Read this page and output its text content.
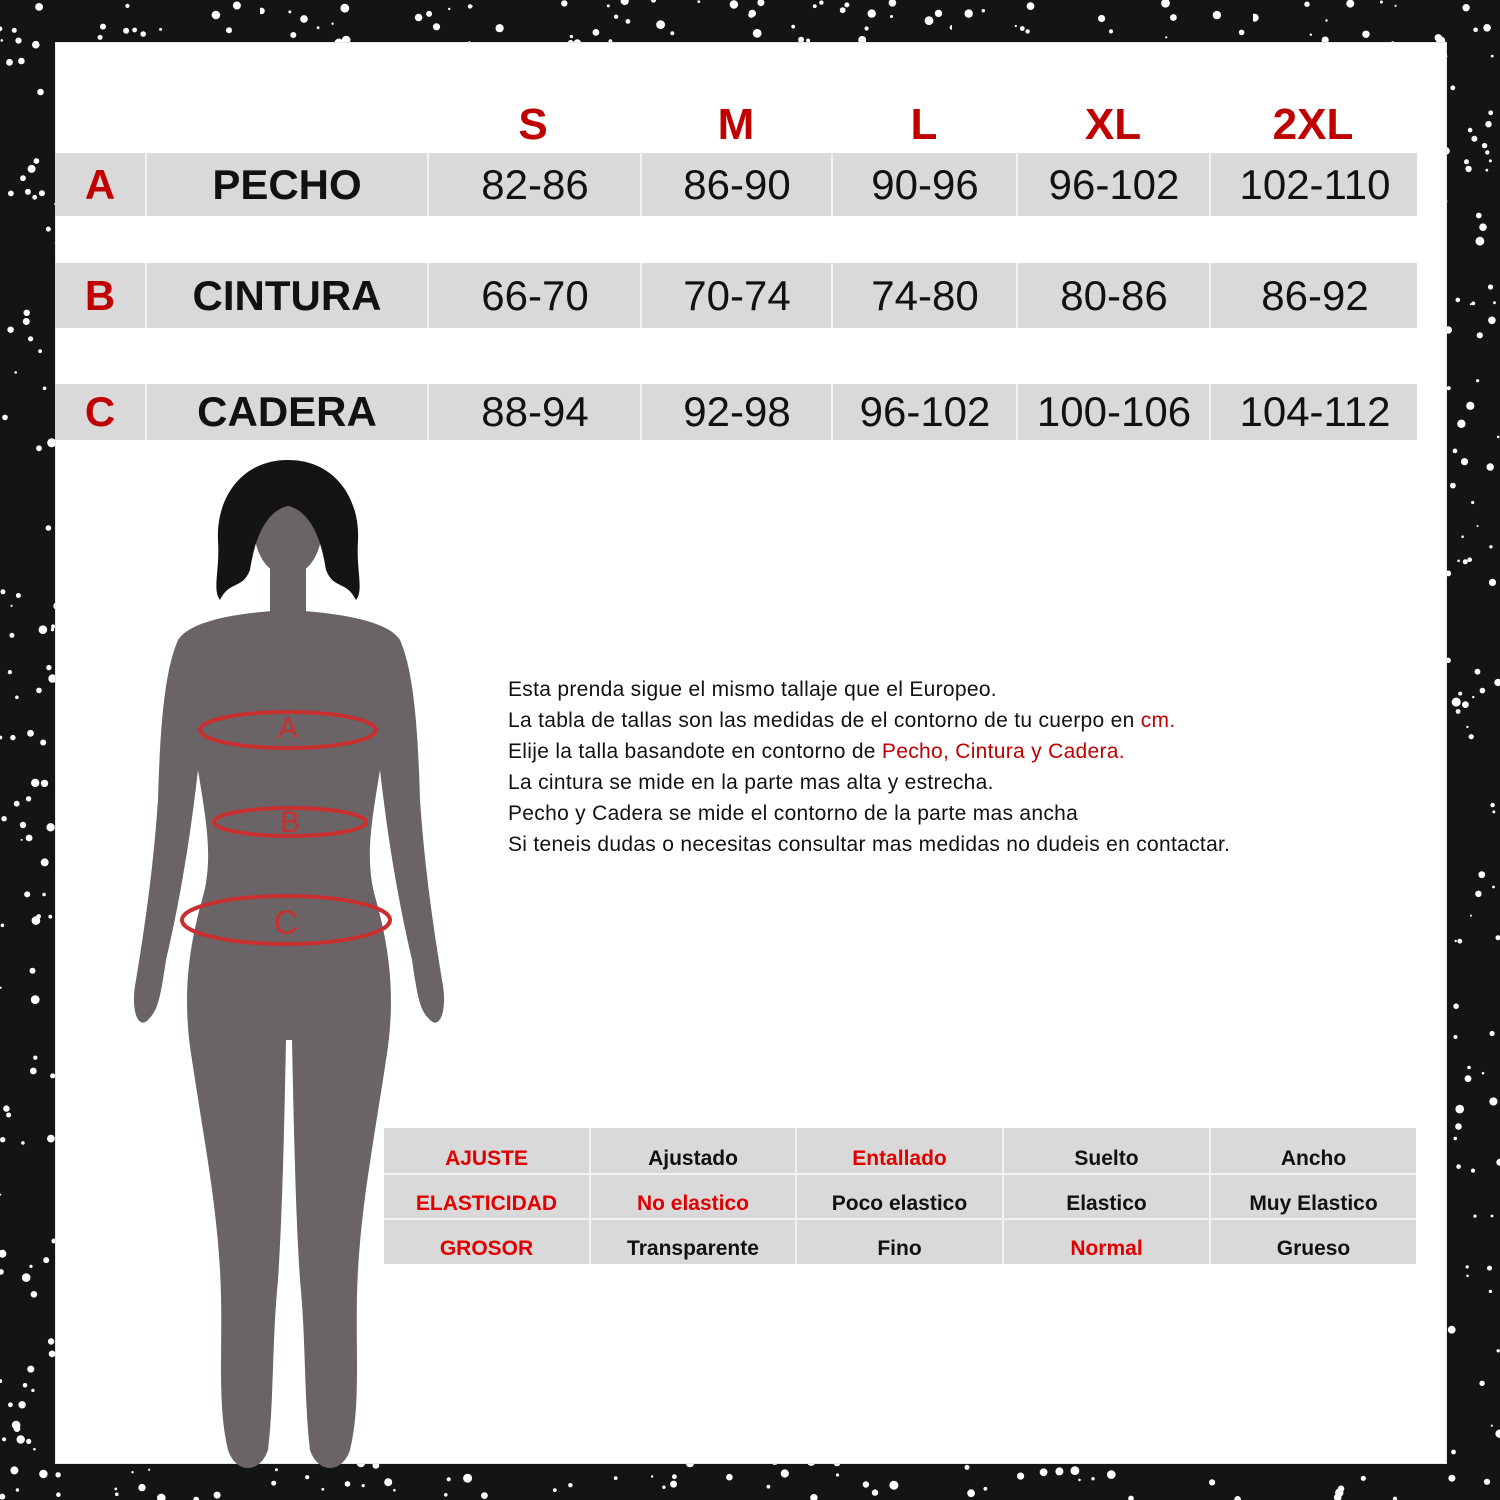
S	M	L	XL	2XL
A	PECHO	82-86	86-90	90-96	96-102	102-110
B	CINTURA	66-70	70-74	74-80	80-86	86-92
C	CADERA	88-94	92-98	96-102	100-106	104-112
A
B
C
Esta prenda sigue el mismo tallaje que el Europeo.
La tabla de tallas son las medidas de el contorno de tu cuerpo en cm.
Elije la talla basandote en contorno de Pecho, Cintura y Cadera.
La cintura se mide en la parte mas alta y estrecha.
Pecho y Cadera se mide el contorno de la parte mas ancha
Si teneis dudas o necesitas consultar mas medidas no dudeis en contactar.
AJUSTE	Ajustado	Entallado	Suelto	Ancho
ELASTICIDAD	No elastico	Poco elastico	Elastico	Muy Elastico
GROSOR	Transparente	Fino	Normal	Grueso
